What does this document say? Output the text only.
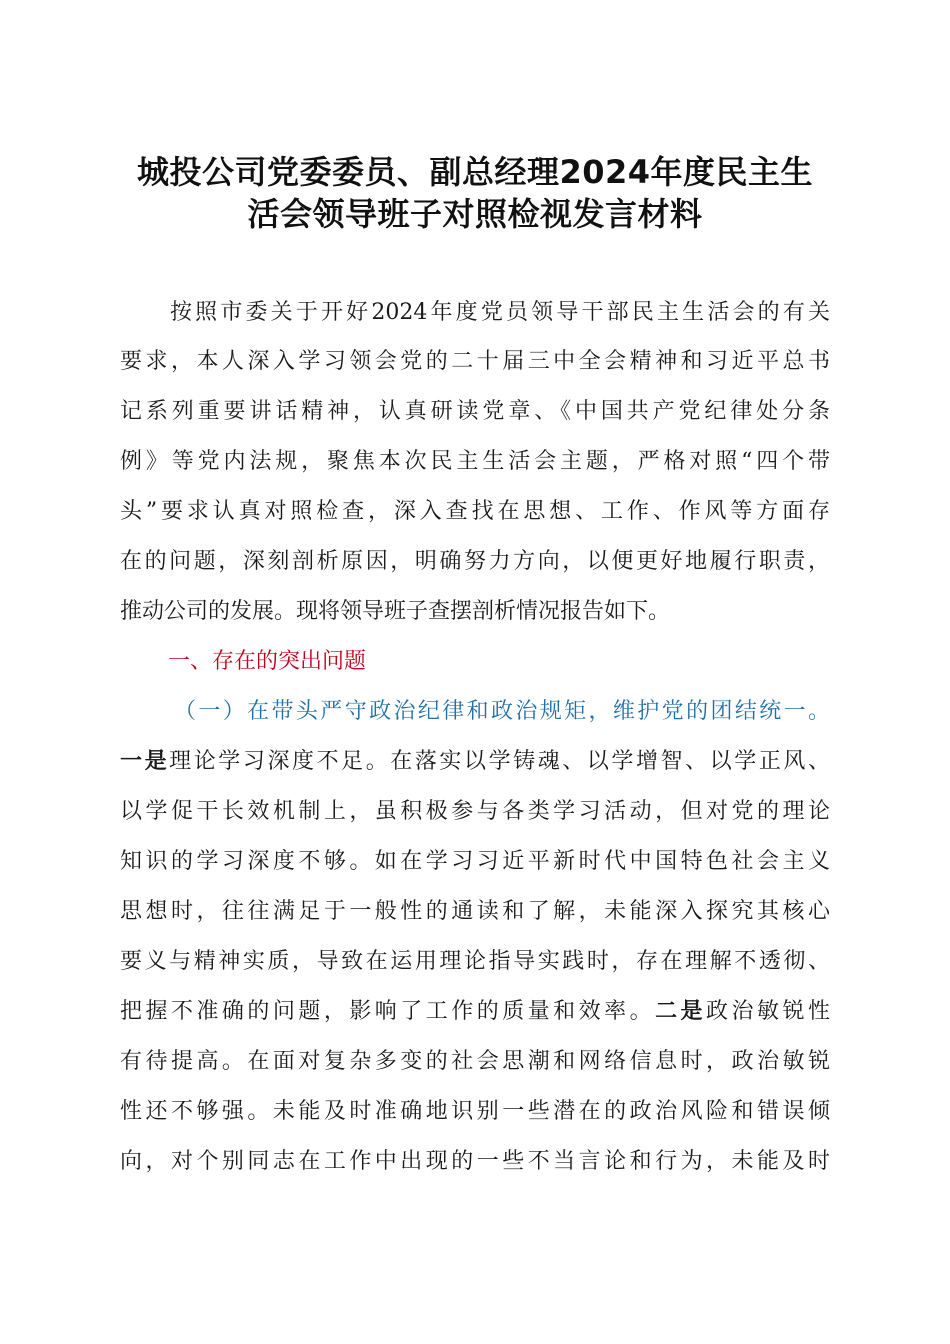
城投公司党委委员、副总经理2024年度民主生
活会领导班子对照检视发言材料
按照市委关于开好2024年度党员领导干部民主生活会的有关
要求，本人深入学习领会党的二十届三中全会精神和习近平总书
记系列重要讲话精神，认真研读党章、《中国共产党纪律处分条
例》等党内法规，聚焦本次民主生活会主题，严格对照“四个带
头”要求认真对照检查，深入查找在思想、工作、作风等方面存
在的问题，深刻剖析原因，明确努力方向，以便更好地履行职责，
推动公司的发展。现将领导班子查摆剖析情况报告如下。
一、存在的突出问题
（一）在带头严守政治纪律和政治规矩，维护党的团结统一。
一是理论学习深度不足。在落实以学铸魂、以学增智、以学正风、
以学促干长效机制上，虽积极参与各类学习活动，但对党的理论
知识的学习深度不够。如在学习习近平新时代中国特色社会主义
思想时，往往满足于一般性的通读和了解，未能深入探究其核心
要义与精神实质，导致在运用理论指导实践时，存在理解不透彻、
把握不准确的问题，影响了工作的质量和效率。二是政治敏锐性
有待提高。在面对复杂多变的社会思潮和网络信息时，政治敏锐
性还不够强。未能及时准确地识别一些潜在的政治风险和错误倾
向，对个别同志在工作中出现的一些不当言论和行为，未能及时
